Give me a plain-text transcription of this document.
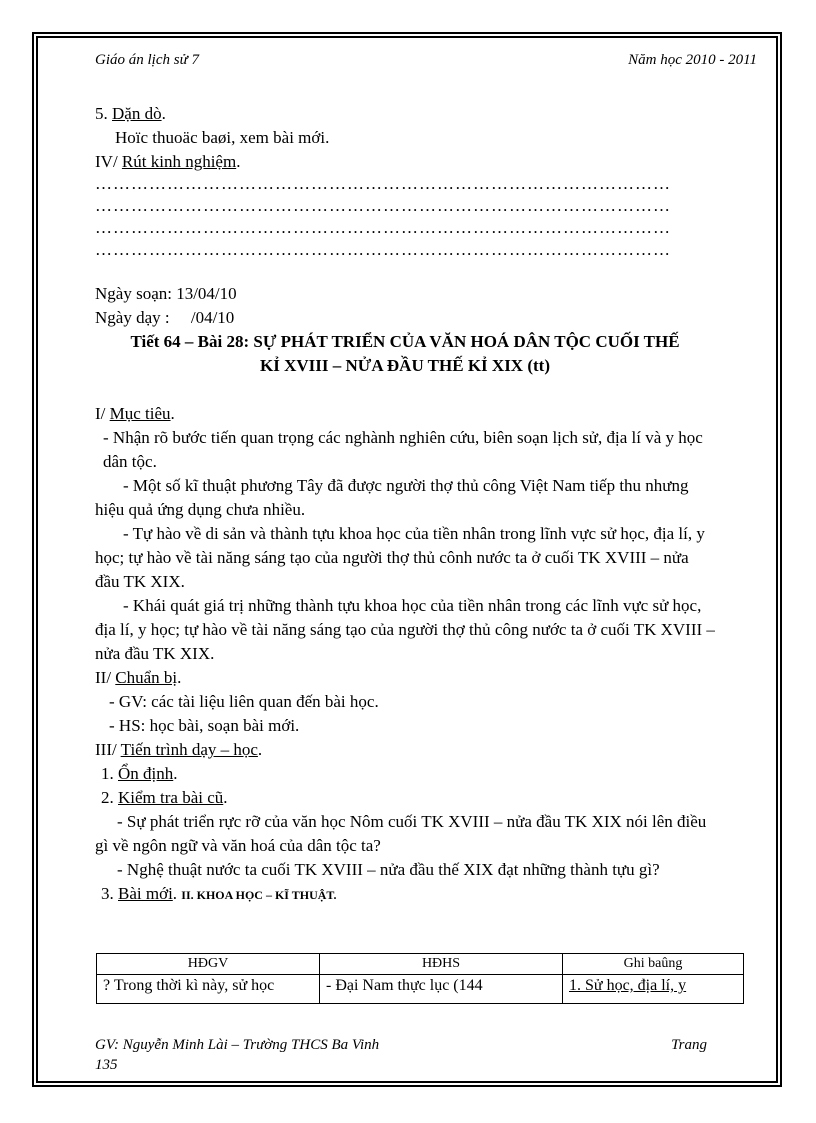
Giáo án lịch sử 7	Năm học 2010 - 2011
5. Dặn dò.
Hoïc thuoäc baøi, xem bài mới.
IV/ Rút kinh nghiệm.
……………………………………………………………………………………
……………………………………………………………………………………
……………………………………………………………………………………
……………………………………………………………………………………
Ngày soạn: 13/04/10
Ngày dạy :     /04/10
Tiết 64 – Bài 28: SỰ PHÁT TRIỂN CỦA VĂN HOÁ DÂN TỘC CUỐI THẾ
KỈ XVIII – NỬA ĐẦU THẾ KỈ XIX (tt)
I/ Mục tiêu.
- Nhận rõ bước tiến quan trọng các nghành nghiên cứu, biên soạn lịch sử, địa lí và y học dân tộc.
- Một số kĩ thuật phương Tây đã được người thợ thủ công Việt Nam tiếp thu nhưng hiệu quả ứng dụng chưa nhiều.
- Tự hào về di sản và thành tựu khoa học của tiền nhân trong lĩnh vực sử học, địa lí, y học; tự hào về tài năng sáng tạo của người thợ thủ cônh nước ta ở cuối TK XVIII – nửa đầu TK XIX.
- Khái quát giá trị những thành tựu khoa học của tiền nhân trong các lĩnh vực sử học, địa lí, y học; tự hào về tài năng sáng tạo của người thợ thủ công nước ta ở cuối TK XVIII – nửa đầu TK XIX.
II/ Chuẩn bị.
- GV: các tài liệu liên quan đến bài học.
- HS: học bài, soạn bài mới.
III/ Tiến trình dạy – học.
1. Ổn định.
2. Kiểm tra bài cũ.
- Sự phát triển rực rỡ của văn học Nôm cuối TK XVIII – nửa đầu TK XIX nói lên điều gì về ngôn ngữ và văn hoá của dân tộc ta?
- Nghệ thuật nước ta cuối TK XVIII – nửa đầu thế XIX đạt những thành tựu gì?
3. Bài mới. II. KHOA HỌC – KĨ THUẬT.
HĐGV	HĐHS	Ghi baûng
? Trong thời kì này, sử học	- Đại Nam thực lục (144	1. Sử học, địa lí, y
GV: Nguyễn Minh Lài – Trường THCS Ba Vinh	Trang
135
